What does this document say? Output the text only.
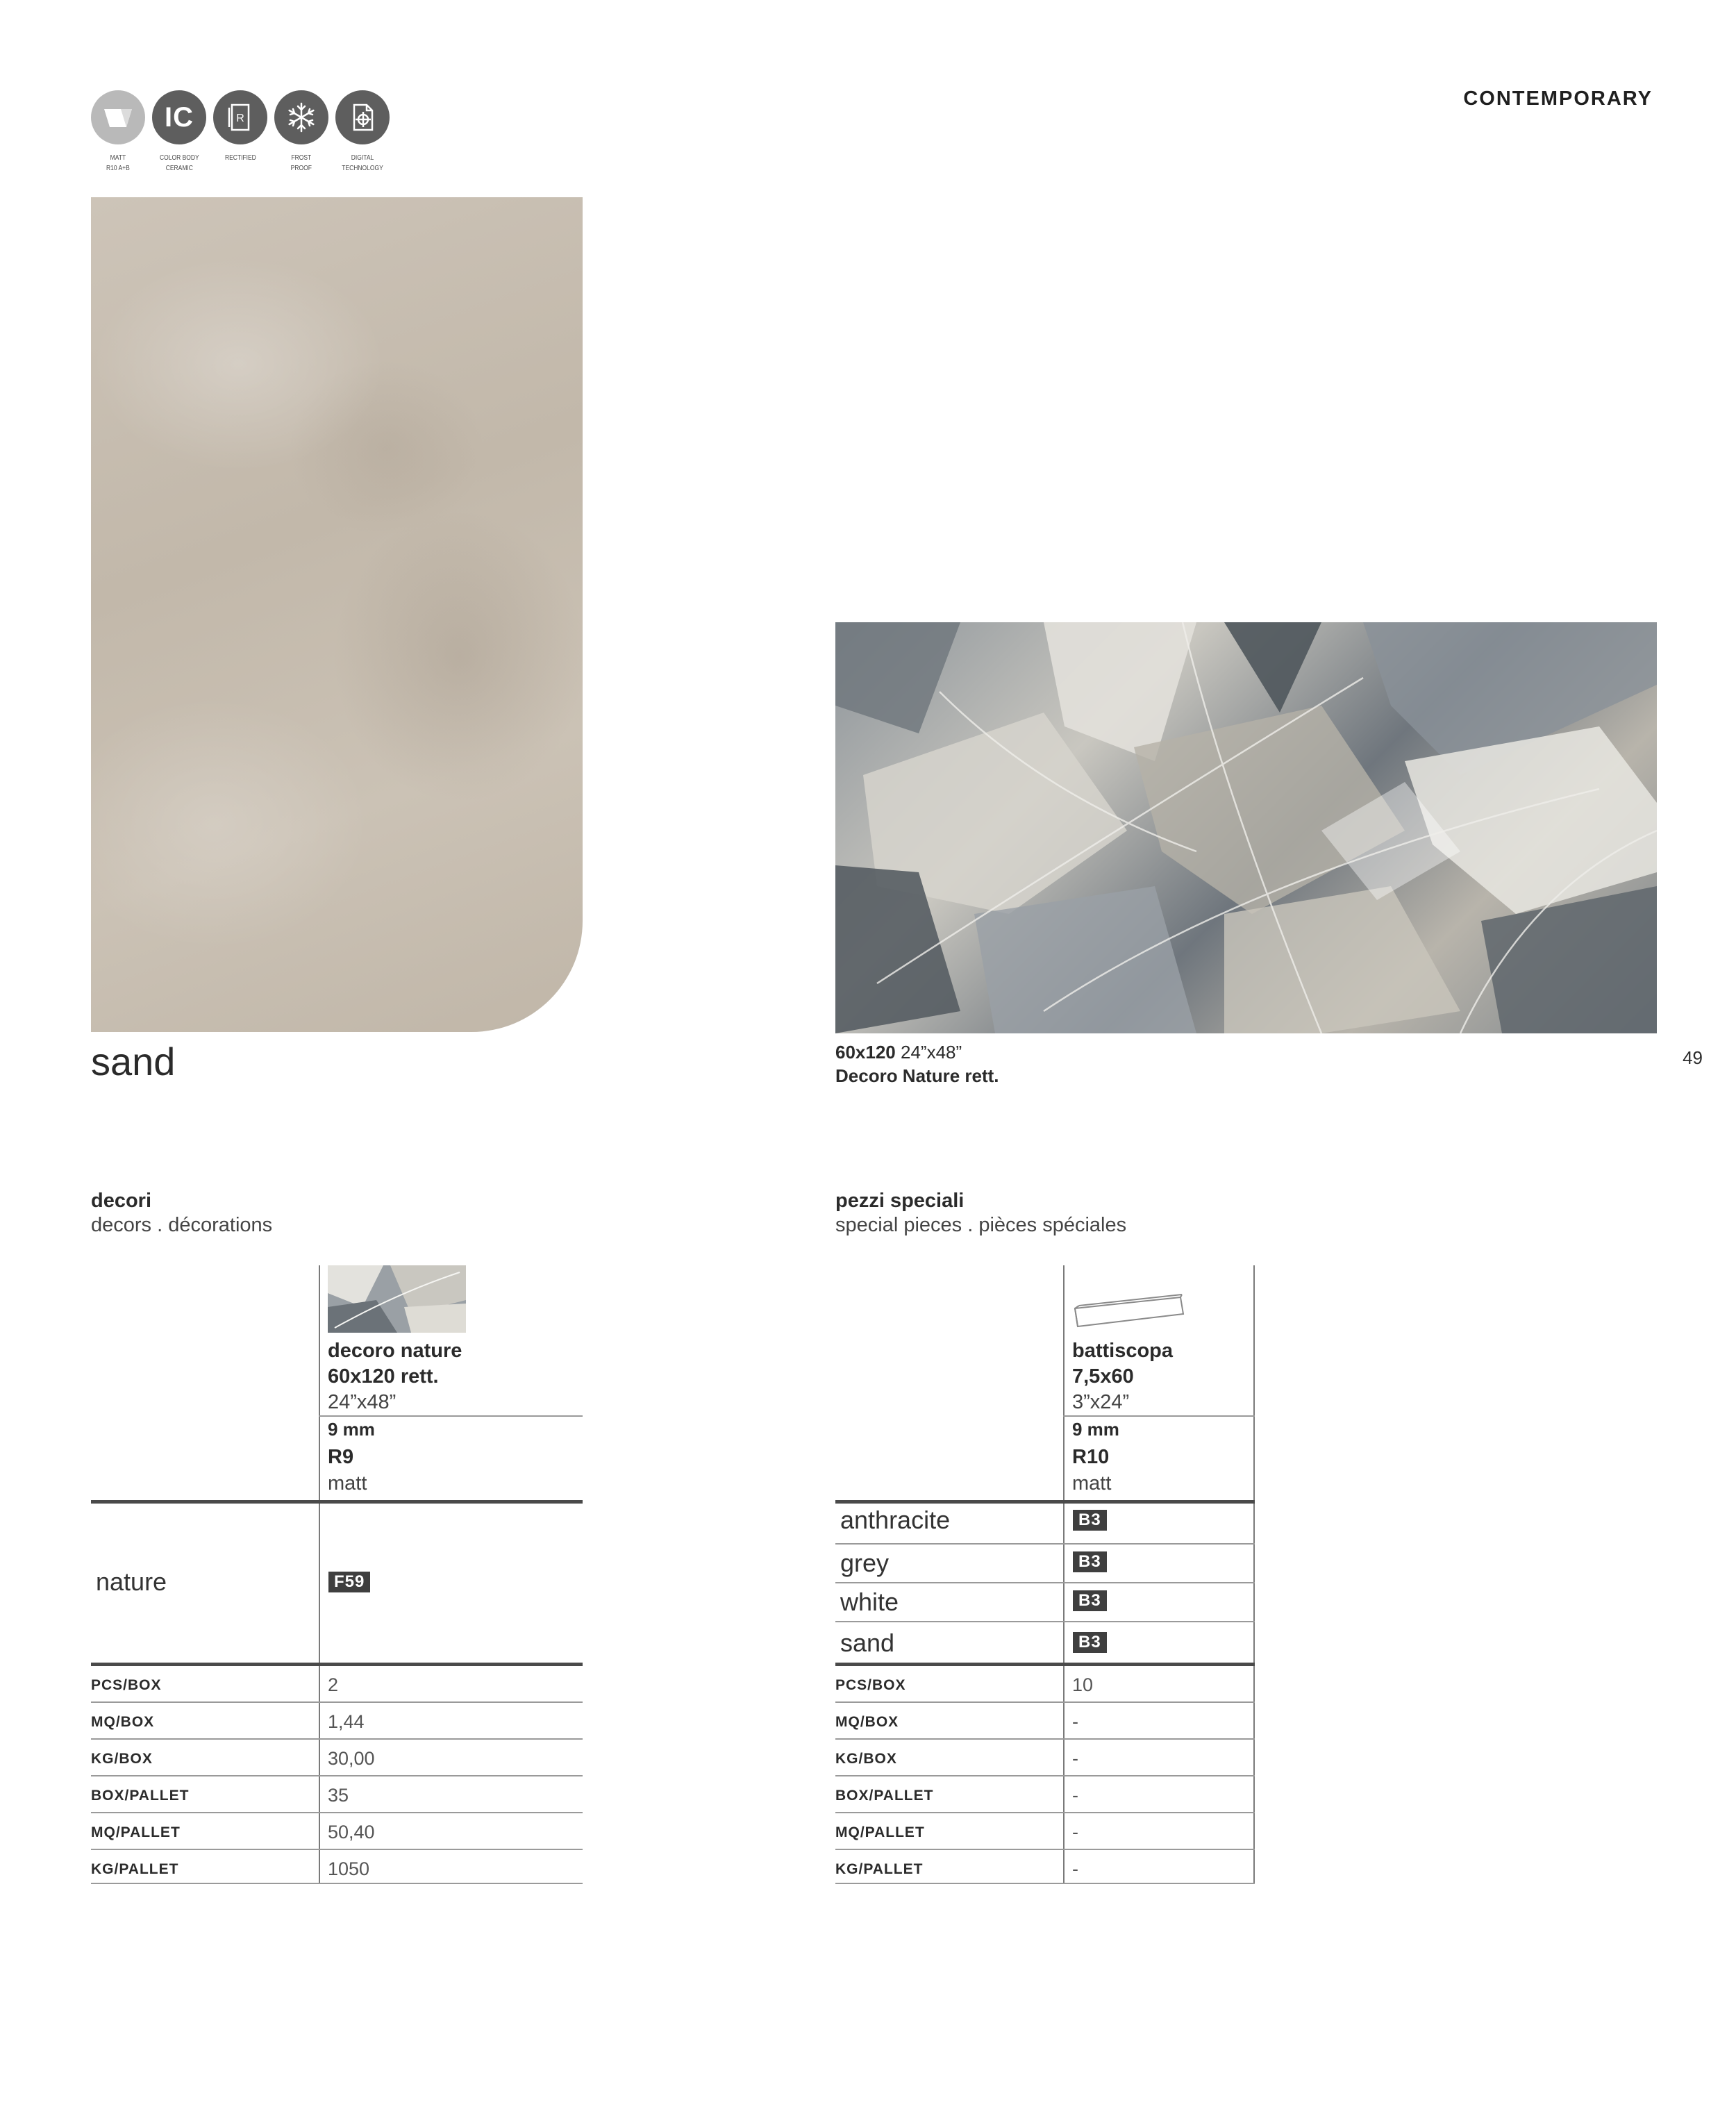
CONTEMPORARY
MATT
R10 A+B
IC
COLOR BODY
CERAMIC
R
RECTIFIED	FROST
PROOF
DIGITAL
TECHNOLOGY
sand	60x120 24”x48”
Decoro Nature rett.
49
decori
decors . décorations
decoro nature
60x120 rett.
24”x48”
9 mm
R9
matt
nature	F59
PCS/BOX	2
MQ/BOX	1,44
KG/BOX	30,00
BOX/PALLET	35
MQ/PALLET	50,40
KG/PALLET	1050
pezzi speciali
special pieces . pièces spéciales
battiscopa
7,5x60
3”x24”
9 mm
R10
matt
anthracite	B3
grey	B3
white	B3
sand	B3
PCS/BOX	10
MQ/BOX	-
KG/BOX	-
BOX/PALLET	-
MQ/PALLET	-
KG/PALLET	-
